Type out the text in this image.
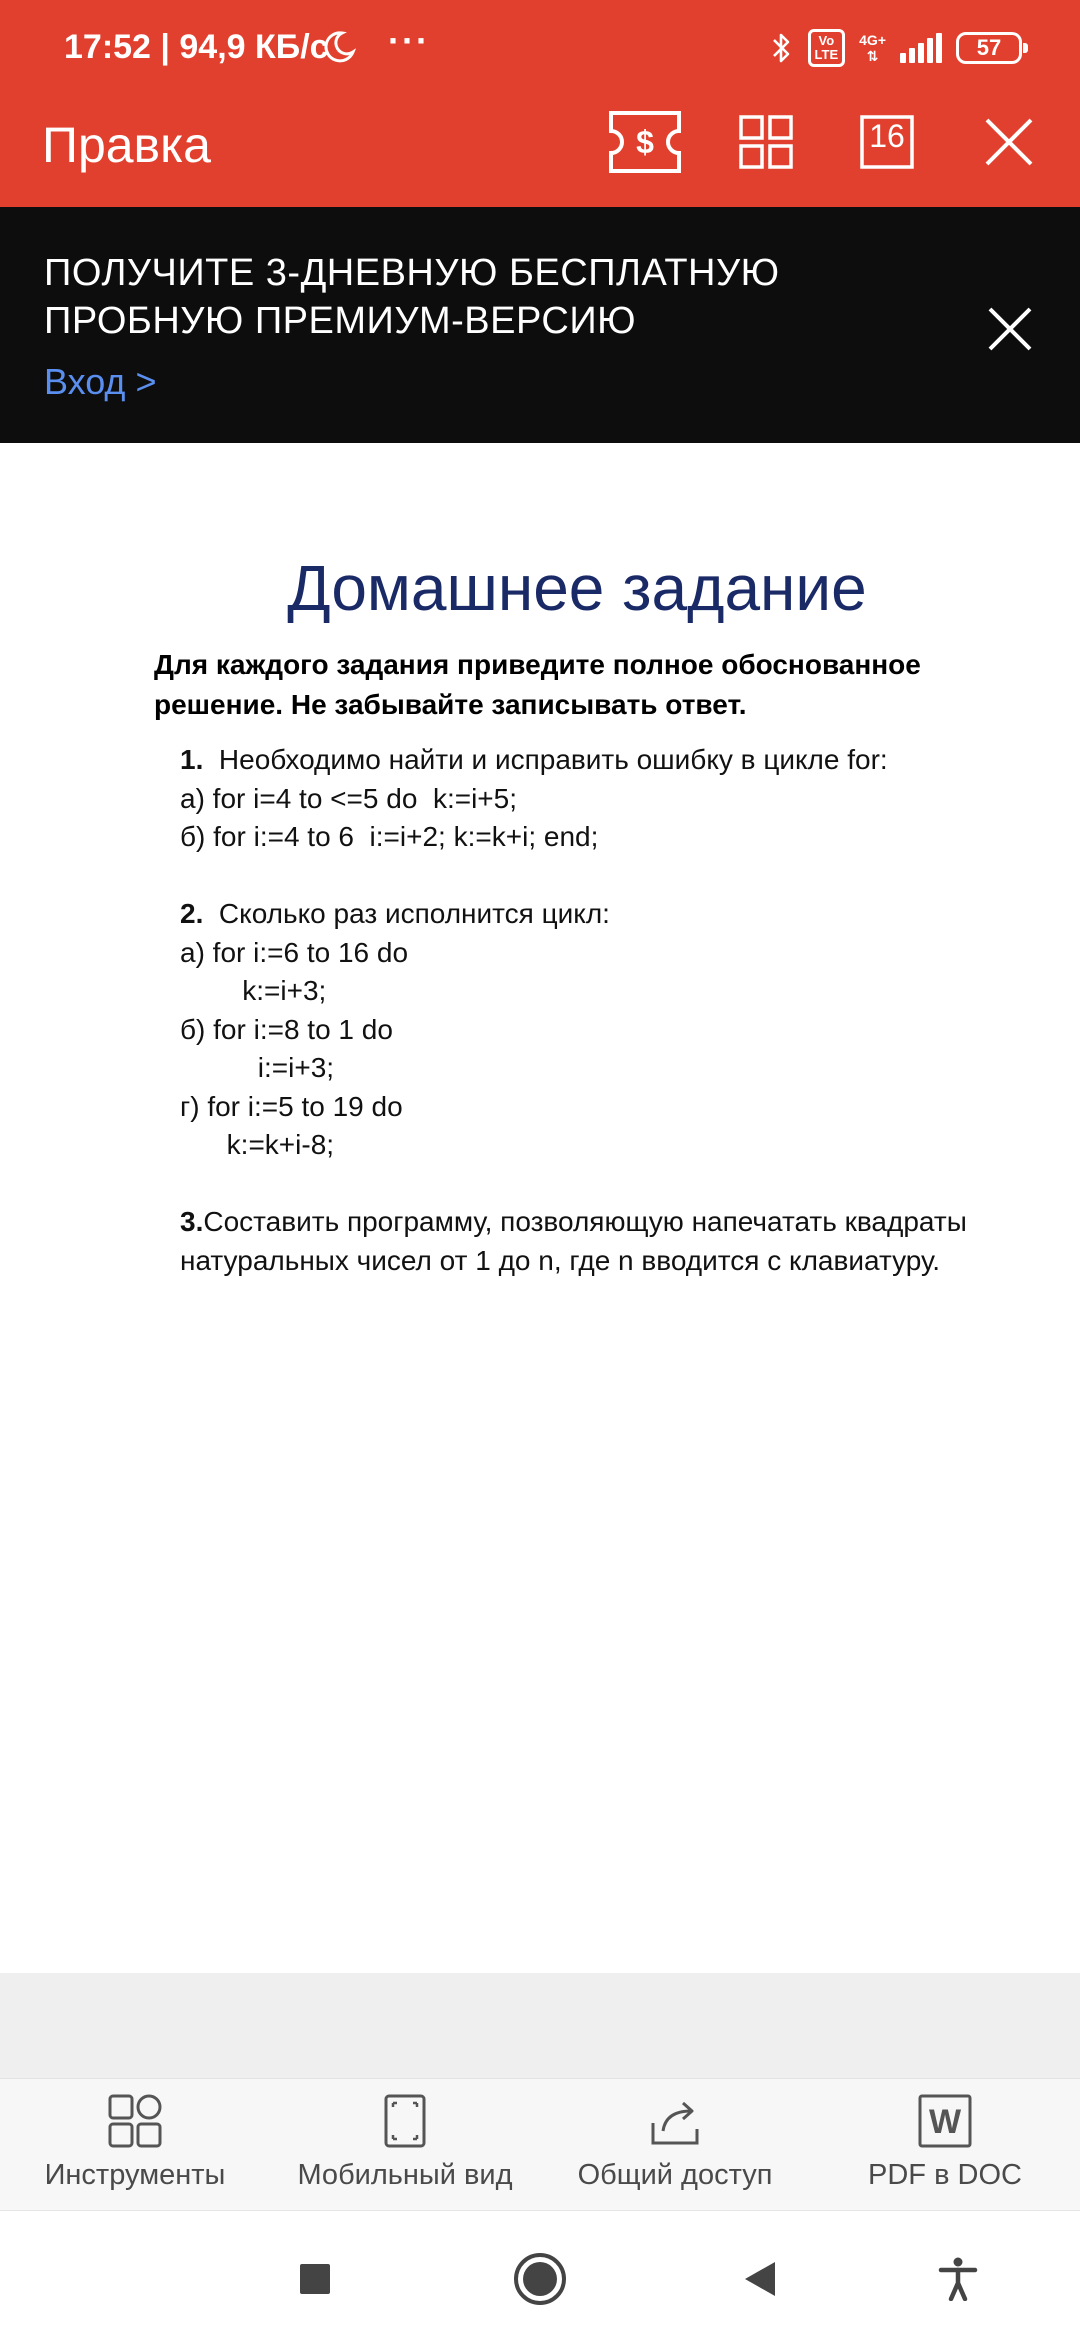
17:52 | 94,9 КБ/с ···	Vo
LTE
4G+
⇅	57
Правка	$	16
ПОЛУЧИТЕ 3-ДНЕВНУЮ БЕСПЛАТНУЮ
ПРОБНУЮ ПРЕМИУМ-ВЕРСИЮ
Вход >
Домашнее задание
Для каждого задания приведите полное обоснованное
решение. Не забывайте записывать ответ.
1.  Необходимо найти и исправить ошибку в цикле for:
а) for i=4 to <=5 do  k:=i+5;
б) for i:=4 to 6  i:=i+2; k:=k+i; end;
2.  Сколько раз исполнится цикл:
а) for i:=6 to 16 do
k:=i+3;
б) for i:=8 to 1 do
i:=i+3;
г) for i:=5 to 19 do
k:=k+i-8;
3.Составить программу, позволяющую напечатать квадраты
натуральных чисел от 1 до n, где n вводится с клавиатуру.
Инструменты	Мобильный вид	Общий доступ
W
PDF в DOC
